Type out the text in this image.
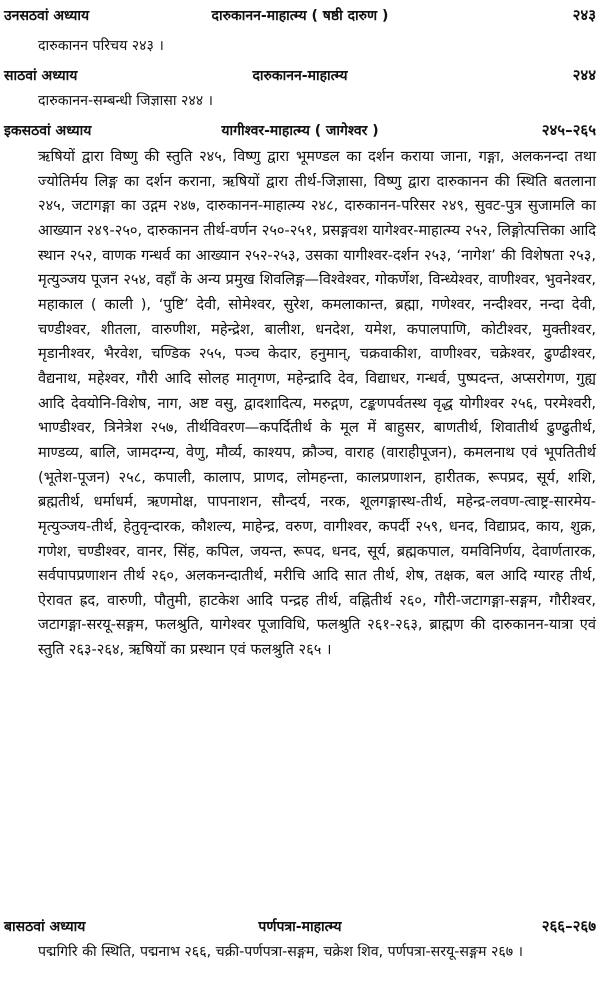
उनसठवां अध्याय	दारुकानन-माहात्म्य ( षष्ठी दारुण )	२४३
दारुकानन परिचय २४३ ।
साठवां अध्याय	दारुकानन-माहात्म्य	२४४
दारुकानन-सम्बन्धी जिज्ञासा २४४ ।
इकसठवां अध्याय	यागीश्वर-माहात्म्य ( जागेश्वर )	२४५–२६५
ऋषियों द्वारा विष्णु की स्तुति २४५, विष्णु द्वारा भूमण्डल का दर्शन कराया जाना, गङ्गा, अलकनन्दा तथा ज्योतिर्मय लिङ्ग का दर्शन कराना, ऋषियों द्वारा तीर्थ-जिज्ञासा, विष्णु द्वारा दारुकानन की स्थिति बतलाना २४५, जटागङ्गा का उद्गम २४७, दारुकानन-माहात्म्य २४८, दारुकानन-परिसर २४९, सुवट-पुत्र सुजामलि का आख्यान २४९-२५०, दारुकानन तीर्थ-वर्णन २५०-२५१, प्रसङ्गवश यागेश्वर-माहात्म्य २५२, लिङ्गोत्पत्तिका आदि स्थान २५२, वाणक गन्धर्व का आख्यान २५२-२५३, उसका यागीश्वर-दर्शन २५३, ‘नागेश’ की विशेषता २५३, मृत्युञ्जय पूजन २५४, वहाँ के अन्य प्रमुख शिवलिङ्ग—विश्वेश्वर, गोकर्णेश, विन्ध्येश्वर, वाणीश्वर, भुवनेश्वर, महाकाल ( काली ), ‘पुष्टि’ देवी, सोमेश्वर, सुरेश, कमलाकान्त, ब्रह्मा, गणेश्वर, नन्दीश्वर, नन्दा देवी, चण्डीश्वर, शीतला, वारुणीश, महेन्द्रेश, बालीश, धनदेश, यमेश, कपालपाणि, कोटीश्वर, मुक्तीश्वर, मृडानीश्वर, भैरवेश, चण्डिक २५५, पञ्च केदार, हनुमान्, चक्रवाकीश, वाणीश्वर, चक्रेश्वर, ढुण्ढीश्वर, वैद्यनाथ, महेश्वर, गौरी आदि सोलह मातृगण, महेन्द्रादि देव, विद्याधर, गन्धर्व, पुष्पदन्त, अप्सरोगण, गुह्य आदि देवयोनि-विशेष, नाग, अष्ट वसु, द्वादशादित्य, मरुद्गण, टङ्कणपर्वतस्थ वृद्ध योगीश्वर २५६, परमेश्वरी, भाण्डीश्वर, त्रिनेत्रेश २५७, तीर्थविवरण—कपर्दितीर्थ के मूल में बाहुसर, बाणतीर्थ, शिवातीर्थ ढुण्ढुतीर्थ, माण्डव्य, बालि, जामदग्न्य, वेणु, मौर्व्य, काश्यप, क्रौञ्च, वाराह (वाराहीपूजन), कमलनाथ एवं भूपतितीर्थ (भूतेश-पूजन) २५८, कपाली, कालाप, प्राणद, लोमहन्ता, कालप्रणाशन, हारीतक, रूपप्रद, सूर्य, शशि, ब्रह्मतीर्थ, धर्माधर्म, ऋणमोक्ष, पापनाशन, सौन्दर्य, नरक, शूलगङ्गास्थ-तीर्थ, महेन्द्र-लवण-त्वाष्ट्र-सारमेय-मृत्युञ्जय-तीर्थ, हेतुवृन्दारक, कौशल्य, माहेन्द्र, वरुण, वागीश्वर, कपर्दी २५९, धनद, विद्याप्रद, काय, शुक्र, गणेश, चण्डीश्वर, वानर, सिंह, कपिल, जयन्त, रूपद, धनद, सूर्य, ब्रह्मकपाल, यमविनिर्णय, देवार्णतारक, सर्वपापप्रणाशन तीर्थ २६०, अलकनन्दातीर्थ, मरीचि आदि सात तीर्थ, शेष, तक्षक, बल आदि ग्यारह तीर्थ, ऐरावत ह्रद, वारुणी, पौतुमी, हाटकेश आदि पन्द्रह तीर्थ, वह्नितीर्थ २६०, गौरी-जटागङ्गा-सङ्गम, गौरीश्वर, जटागङ्गा-सरयू-सङ्गम, फलश्रुति, यागेश्वर पूजाविधि, फलश्रुति २६१-२६३, ब्राह्मण की दारुकानन-यात्रा एवं स्तुति २६३-२६४, ऋषियों का प्रस्थान एवं फलश्रुति २६५ ।
बासठवां अध्याय	पर्णपत्रा-माहात्म्य	२६६–२६७
पद्मगिरि की स्थिति, पद्मनाभ २६६, चक्री-पर्णपत्रा-सङ्गम, चक्रेश शिव, पर्णपत्रा-सरयू-सङ्गम २६७ ।
